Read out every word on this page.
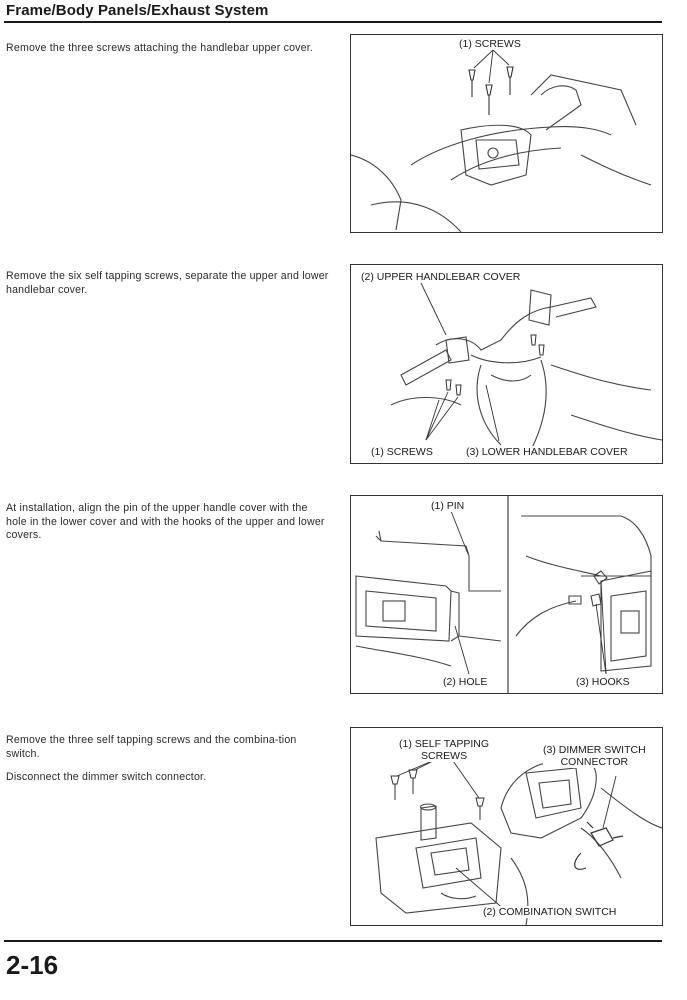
Frame/Body Panels/Exhaust System

Remove the three screws attaching the handlebar upper cover.	(1) SCREWS

Remove the six self tapping screws, separate the upper and lower handlebar cover.

(2) UPPER HANDLEBAR COVER
(1) SCREWS	(3) LOWER HANDLEBAR COVER

At installation, align the pin of the upper handle cover with the hole in the lower cover and with the hooks of the upper and lower covers.

(1) PIN
(2) HOLE	(3) HOOKS

Remove the three self tapping screws and the combina-tion switch.

Disconnect the dimmer switch connector.

(1) SELF TAPPING
SCREWS	(3) DIMMER SWITCH
CONNECTOR
(2) COMBINATION SWITCH
2-16
